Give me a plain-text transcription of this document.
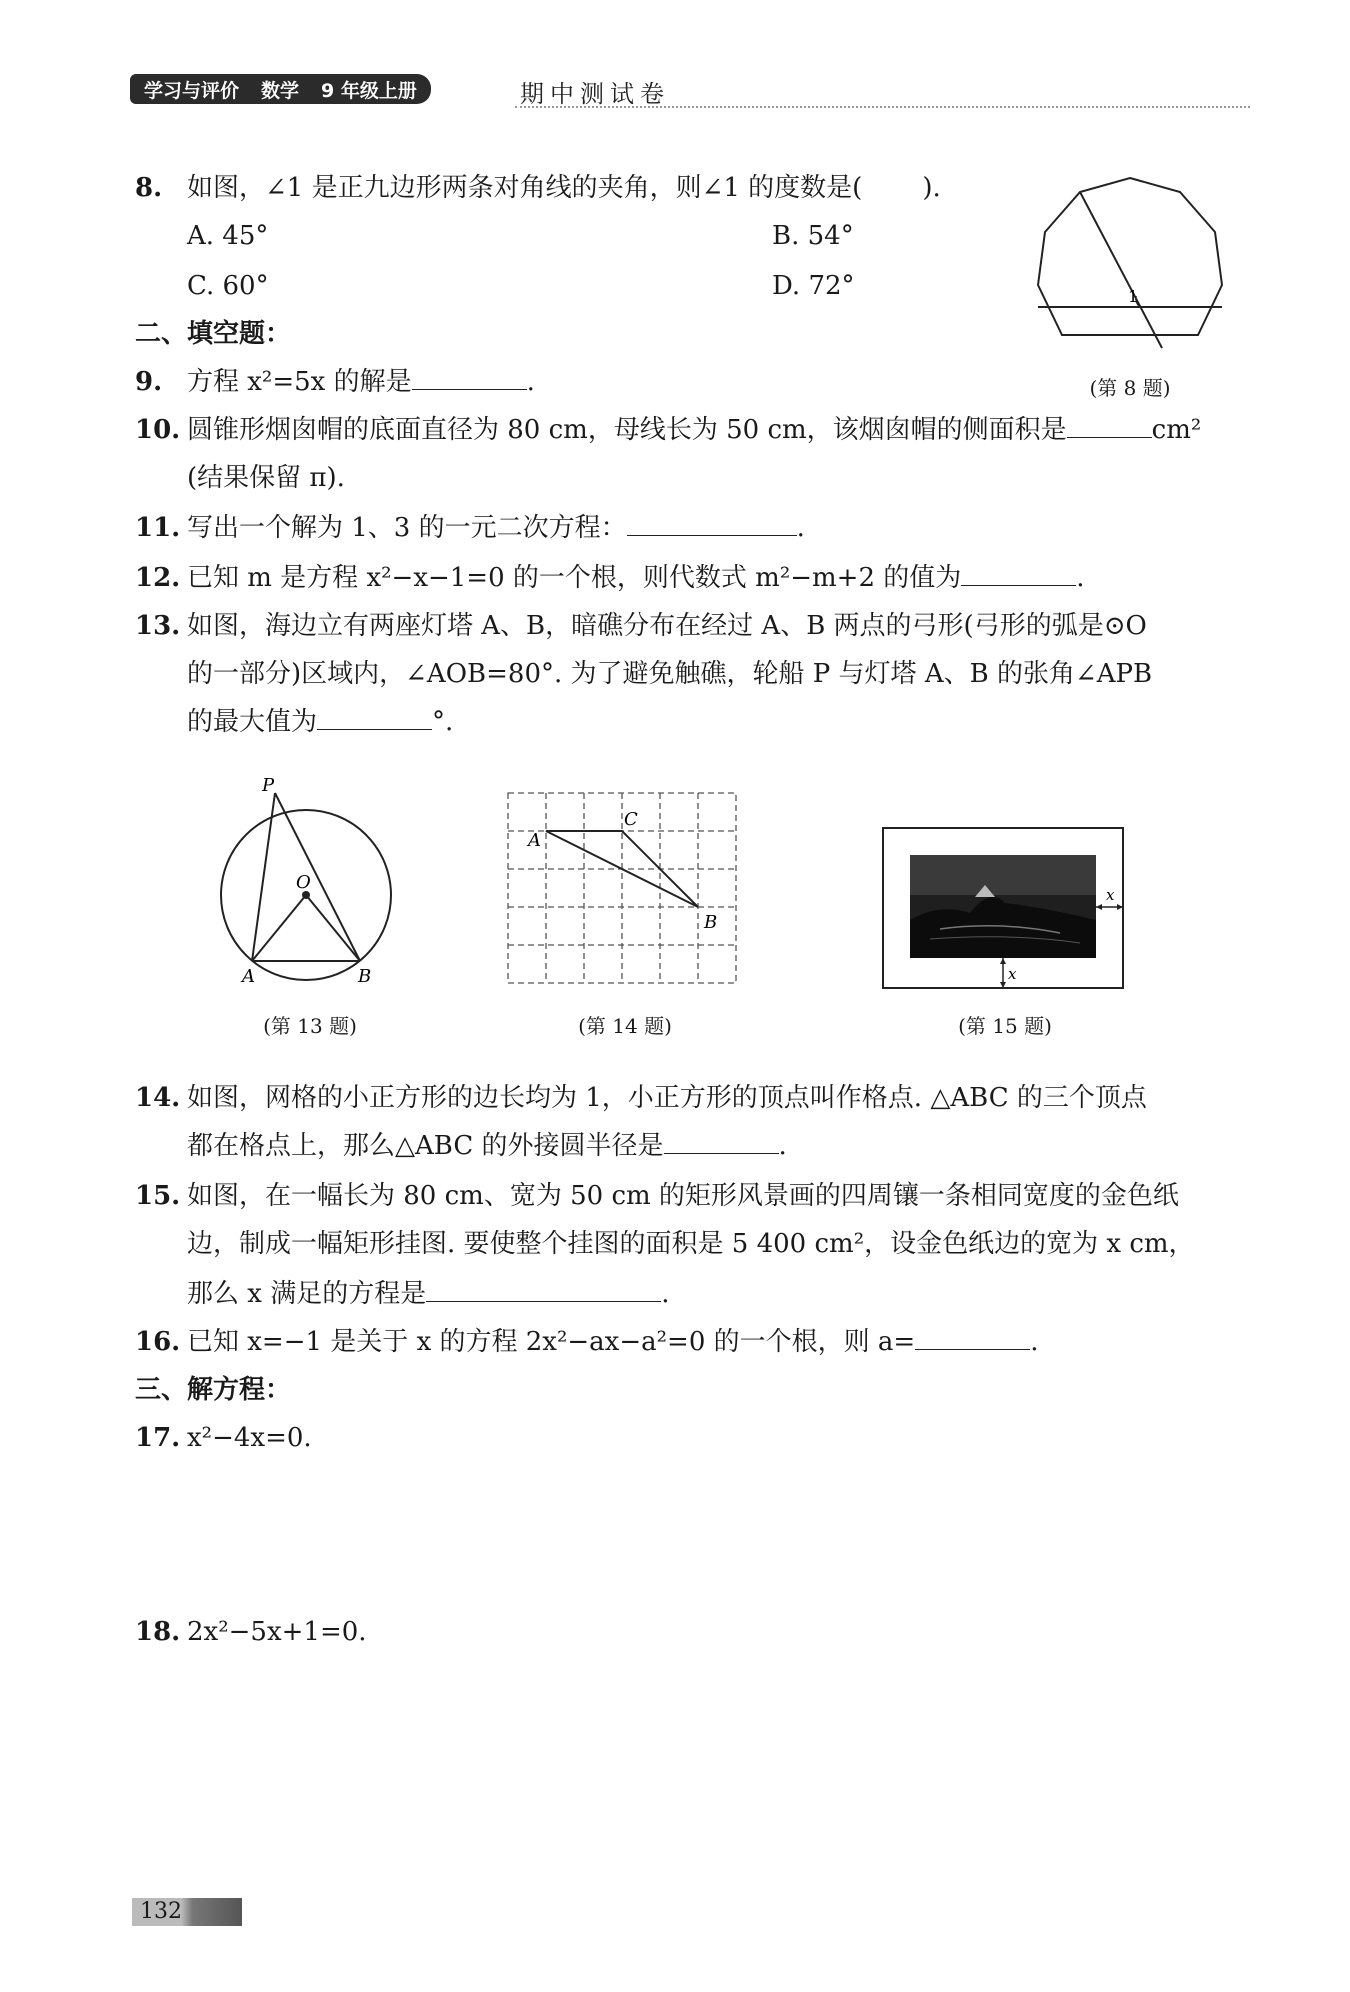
学习与评价 数学 9 年级上册	期中测试卷
8. 如图，∠1 是正九边形两条对角线的夹角，则∠1 的度数是( ).
A. 45°	B. 54°
C. 60°	D. 72°	1
(第 8 题)
二、填空题：
9. 方程 x²=5x 的解是	.
10. 圆锥形烟囱帽的底面直径为 80 cm，母线长为 50 cm，该烟囱帽的侧面积是	cm²
(结果保留 π).
11. 写出一个解为 1、3 的一元二次方程：	.
12. 已知 m 是方程 x²−x−1=0 的一个根，则代数式 m²−m+2 的值为	.
13. 如图，海边立有两座灯塔 A、B，暗礁分布在经过 A、B 两点的弓形(弓形的弧是⊙O
的一部分)区域内，∠AOB=80°. 为了避免触礁，轮船 P 与灯塔 A、B 的张角∠APB
的最大值为	°.
P
O
A	B
(第 13 题)
A
C
B
(第 14 题)
x
x
(第 15 题)
14. 如图，网格的小正方形的边长均为 1，小正方形的顶点叫作格点. △ABC 的三个顶点
都在格点上，那么△ABC 的外接圆半径是	.
15. 如图，在一幅长为 80 cm、宽为 50 cm 的矩形风景画的四周镶一条相同宽度的金色纸
边，制成一幅矩形挂图. 要使整个挂图的面积是 5 400 cm²，设金色纸边的宽为 x cm，
那么 x 满足的方程是	.
16. 已知 x=−1 是关于 x 的方程 2x²−ax−a²=0 的一个根，则 a=	.
三、解方程：
17. x²−4x=0.
18. 2x²−5x+1=0.
132
